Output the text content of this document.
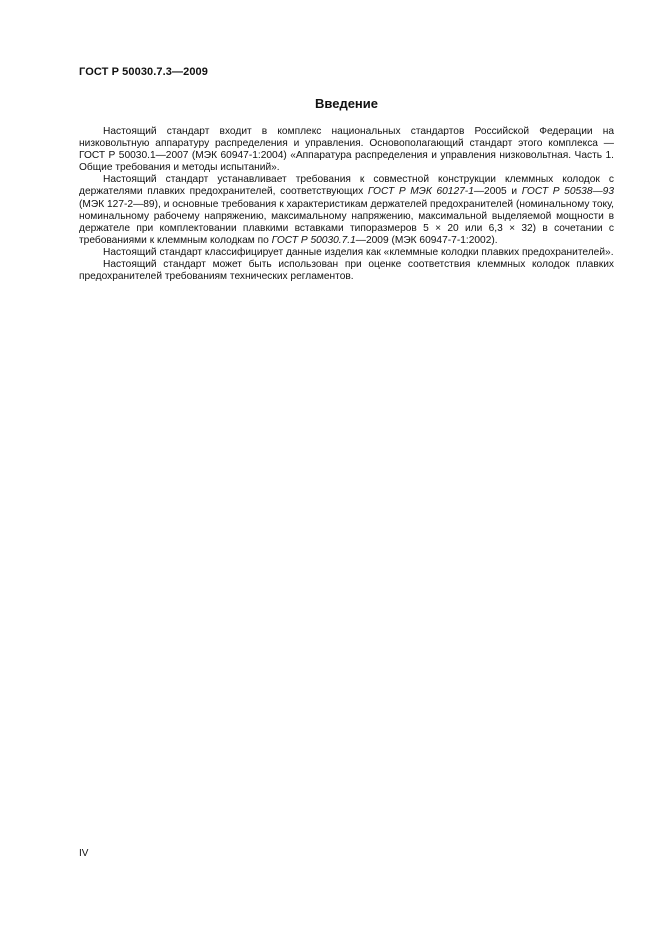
ГОСТ Р 50030.7.3—2009
Введение

Настоящий стандарт входит в комплекс национальных стандартов Российской Федерации на низковольтную аппаратуру распределения и управления. Основополагающий стандарт этого комплекса — ГОСТ Р 50030.1—2007 (МЭК 60947-1:2004) «Аппаратура распределения и управления низковольтная. Часть 1. Общие требования и методы испытаний».

Настоящий стандарт устанавливает требования к совместной конструкции клеммных колодок с держателями плавких предохранителей, соответствующих ГОСТ Р МЭК 60127-1—2005 и ГОСТ Р 50538—93 (МЭК 127-2—89), и основные требования к характеристикам держателей предохранителей (номинальному току, номинальному рабочему напряжению, максимальному напряжению, максимальной выделяемой мощности в держателе при комплектовании плавкими вставками типоразмеров 5 × 20 или 6,3 × 32) в сочетании с требованиями к клеммным колодкам по ГОСТ Р 50030.7.1—2009 (МЭК 60947-7-1:2002).

Настоящий стандарт классифицирует данные изделия как «клеммные колодки плавких предохранителей».

Настоящий стандарт может быть использован при оценке соответствия клеммных колодок плавких предохранителей требованиям технических регламентов.

IV
